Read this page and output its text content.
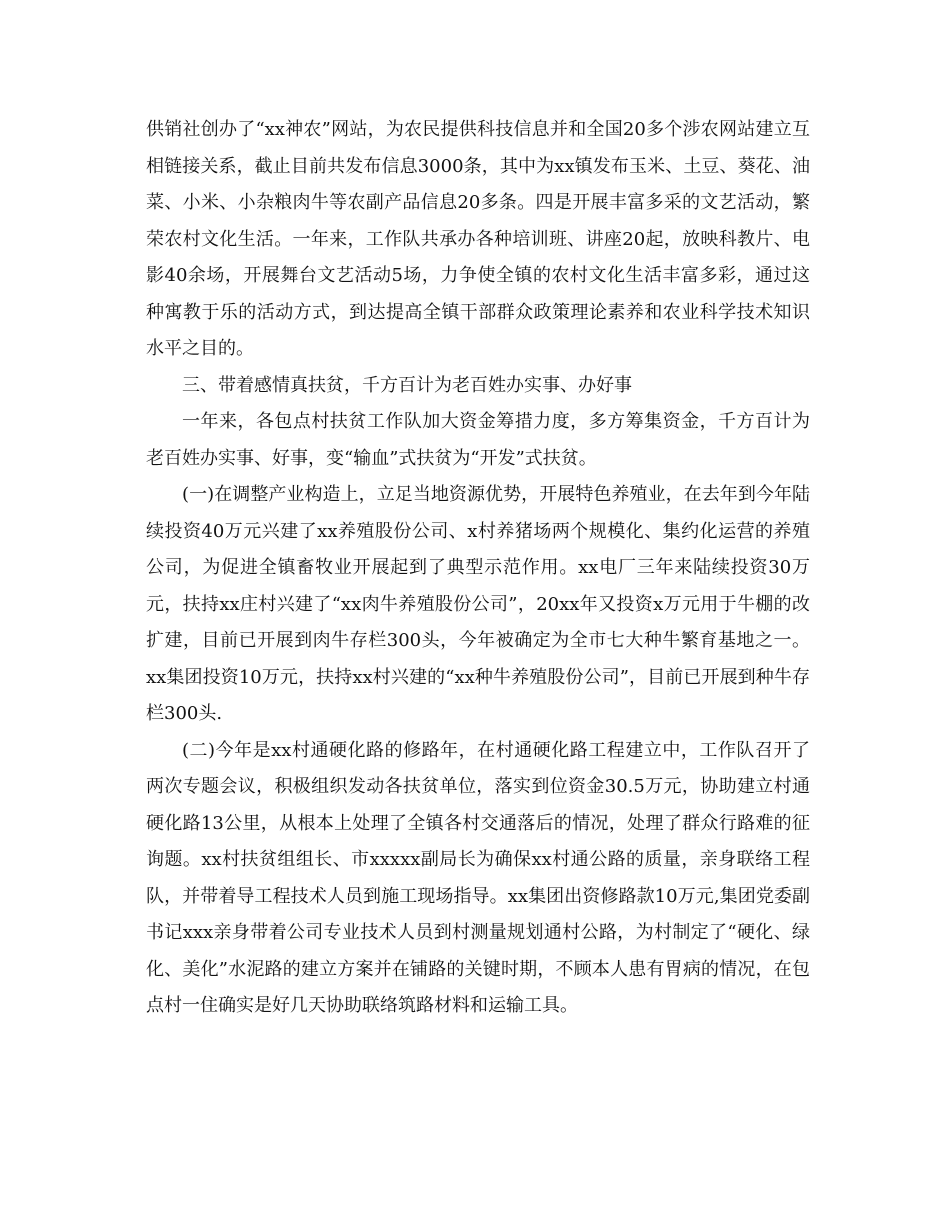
供销社创办了“xx神农”网站，为农民提供科技信息并和全国20多个涉农网站建立互相链接关系，截止目前共发布信息3000条，其中为xx镇发布玉米、土豆、葵花、油菜、小米、小杂粮肉牛等农副产品信息20多条。四是开展丰富多采的文艺活动，繁荣农村文化生活。一年来，工作队共承办各种培训班、讲座20起，放映科教片、电影40余场，开展舞台文艺活动5场，力争使全镇的农村文化生活丰富多彩，通过这种寓教于乐的活动方式，到达提高全镇干部群众政策理论素养和农业科学技术知识水平之目的。

三、带着感情真扶贫，千方百计为老百姓办实事、办好事

一年来，各包点村扶贫工作队加大资金筹措力度，多方筹集资金，千方百计为老百姓办实事、好事，变“输血”式扶贫为“开发”式扶贫。

(一)在调整产业构造上，立足当地资源优势，开展特色养殖业，在去年到今年陆续投资40万元兴建了xx养殖股份公司、x村养猪场两个规模化、集约化运营的养殖公司，为促进全镇畜牧业开展起到了典型示范作用。xx电厂三年来陆续投资30万元，扶持xx庄村兴建了“xx肉牛养殖股份公司”，20xx年又投资x万元用于牛棚的改扩建，目前已开展到肉牛存栏300头，今年被确定为全市七大种牛繁育基地之一。xx集团投资10万元，扶持xx村兴建的“xx种牛养殖股份公司”，目前已开展到种牛存栏300头.

(二)今年是xx村通硬化路的修路年，在村通硬化路工程建立中，工作队召开了两次专题会议，积极组织发动各扶贫单位，落实到位资金30.5万元，协助建立村通硬化路13公里，从根本上处理了全镇各村交通落后的情况，处理了群众行路难的征询题。xx村扶贫组组长、市xxxxx副局长为确保xx村通公路的质量，亲身联络工程队，并带着导工程技术人员到施工现场指导。xx集团出资修路款10万元,集团党委副书记xxx亲身带着公司专业技术人员到村测量规划通村公路，为村制定了“硬化、绿化、美化”水泥路的建立方案并在铺路的关键时期，不顾本人患有胃病的情况，在包点村一住确实是好几天协助联络筑路材料和运输工具。
